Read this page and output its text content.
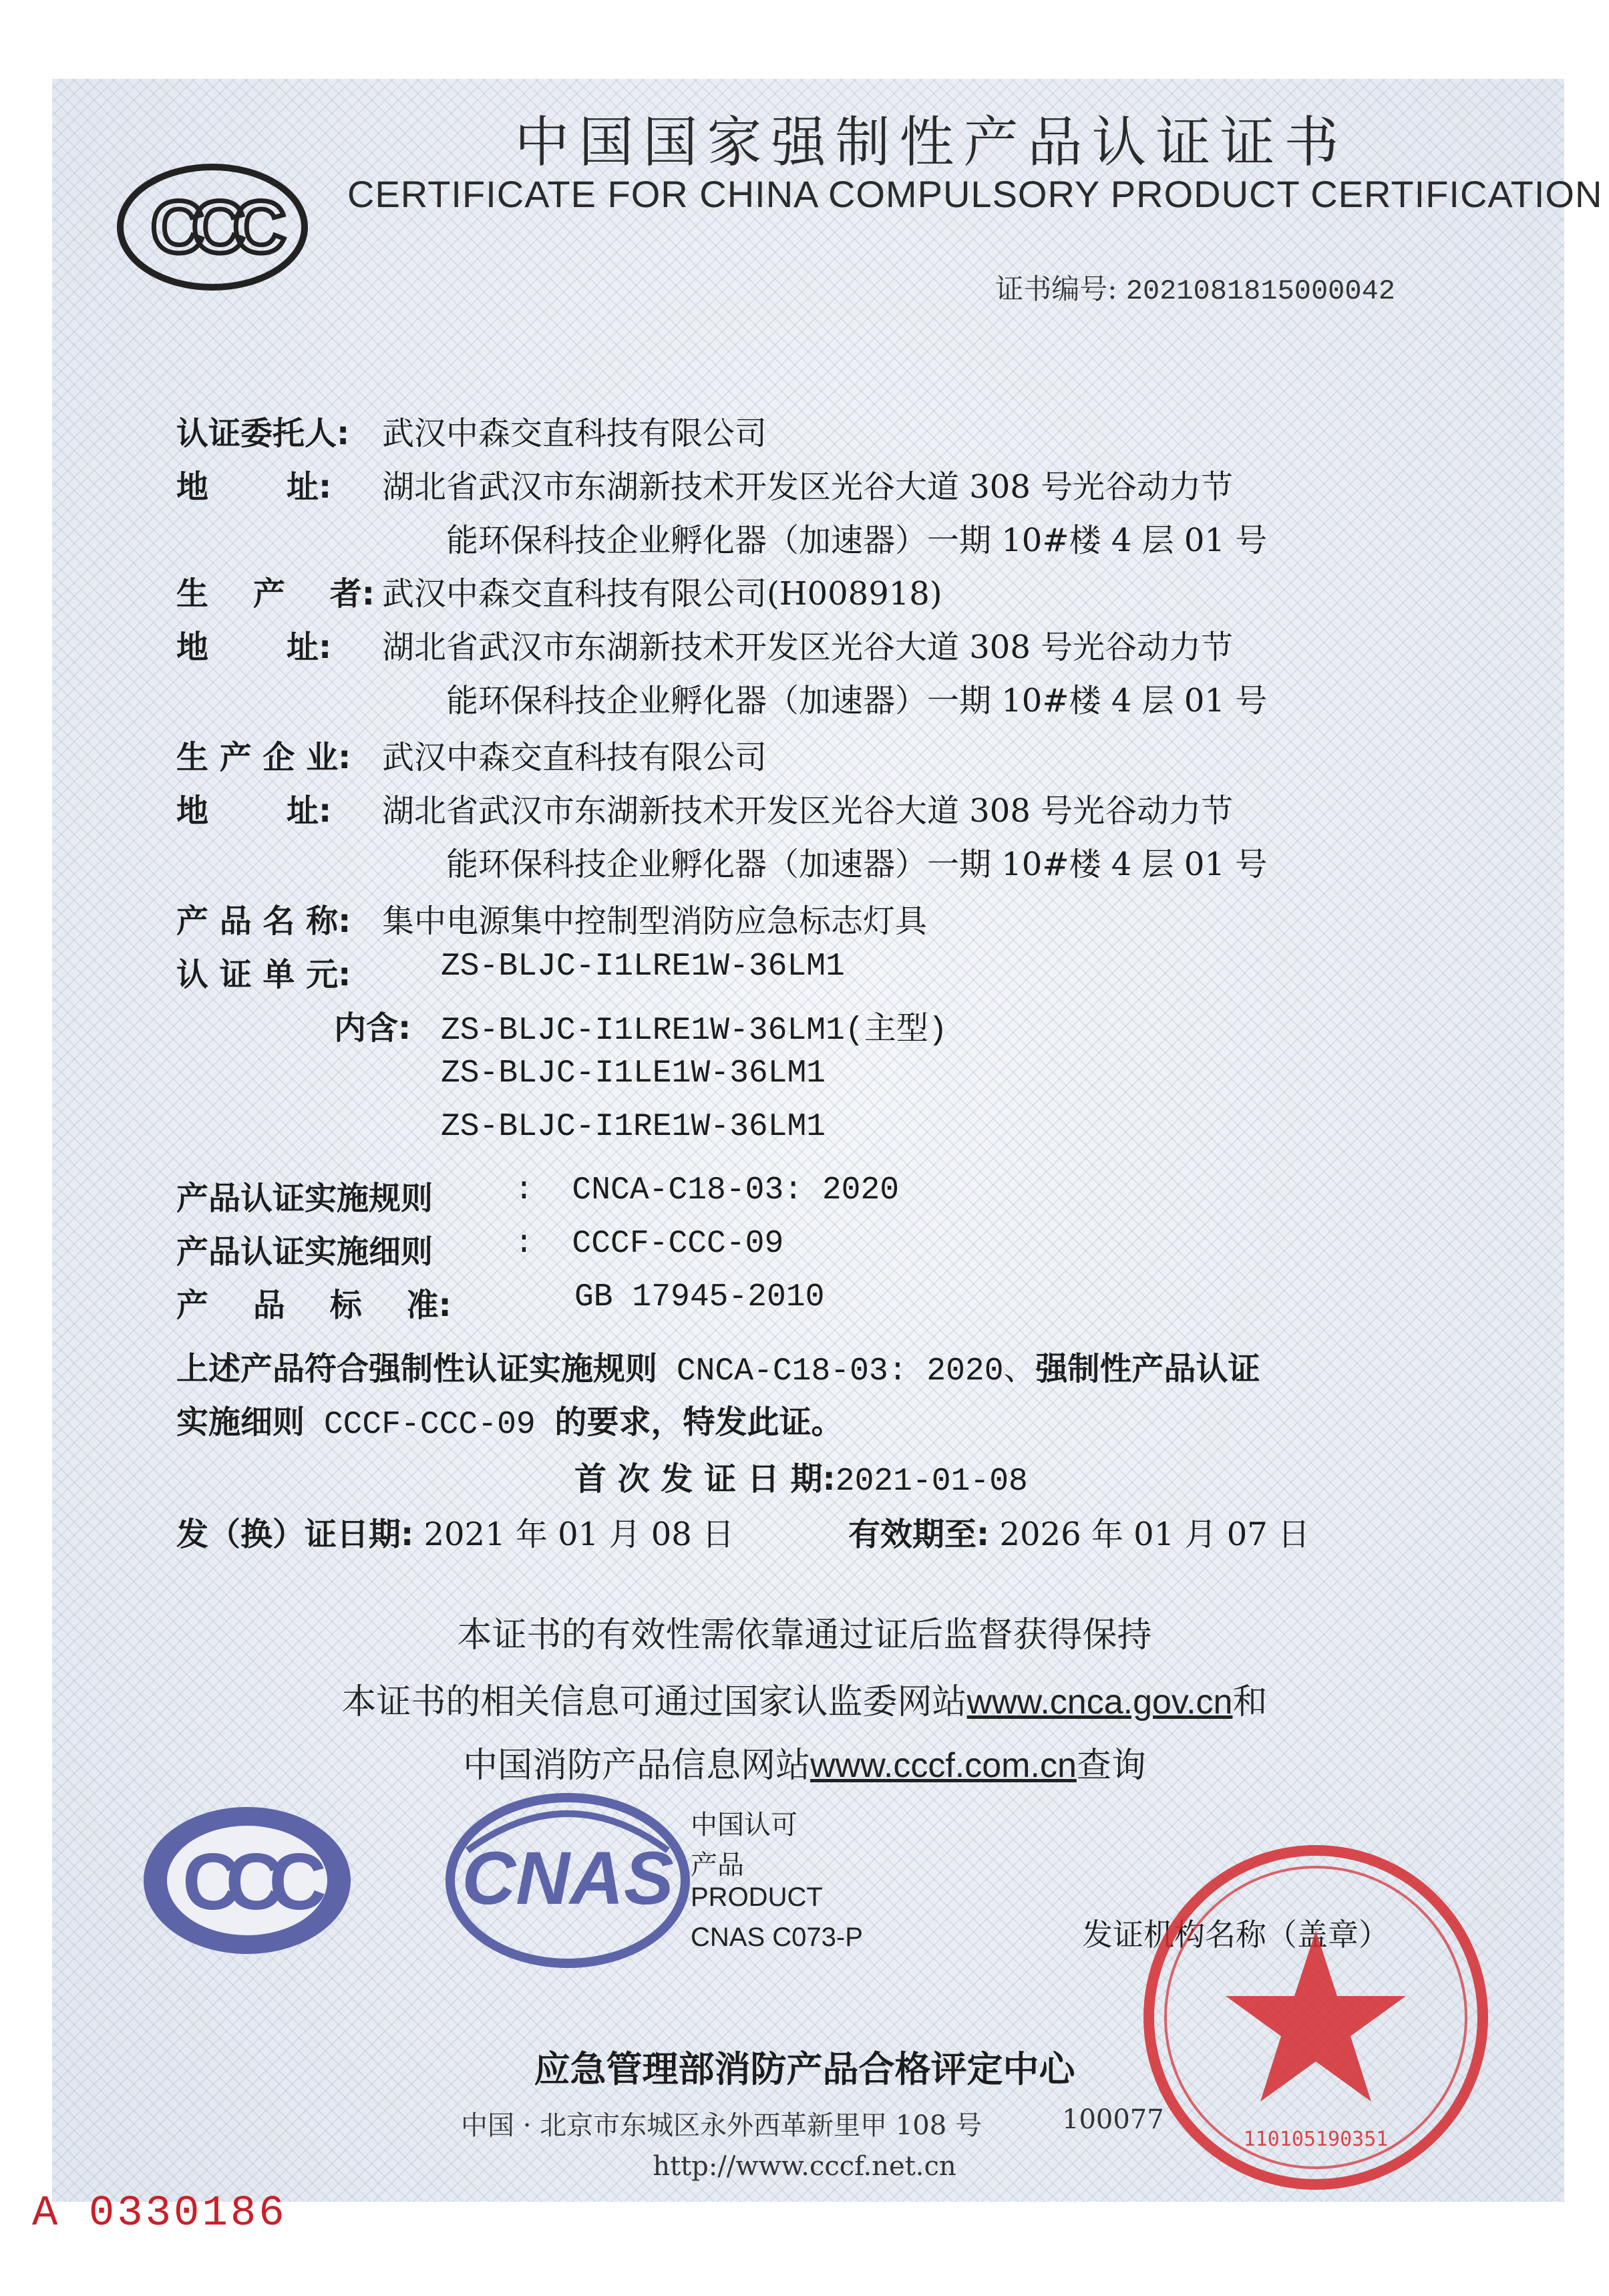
CCC
中国国家强制性产品认证证书
CERTIFICATE FOR CHINA COMPULSORY PRODUCT CERTIFICATION
证书编号: 2021081815000042
认证委托人: 武汉中森交直科技有限公司
地       址: 湖北省武汉市东湖新技术开发区光谷大道 308 号光谷动力节
能环保科技企业孵化器（加速器）一期 10#楼 4 层 01 号
生    产    者: 武汉中森交直科技有限公司(H008918)
地       址: 湖北省武汉市东湖新技术开发区光谷大道 308 号光谷动力节
能环保科技企业孵化器（加速器）一期 10#楼 4 层 01 号
生 产 企 业: 武汉中森交直科技有限公司
地       址: 湖北省武汉市东湖新技术开发区光谷大道 308 号光谷动力节
能环保科技企业孵化器（加速器）一期 10#楼 4 层 01 号
产 品 名 称: 集中电源集中控制型消防应急标志灯具
认 证 单 元:	ZS-BLJC-I1LRE1W-36LM1
内含: ZS-BLJC-I1LRE1W-36LM1(主型)
ZS-BLJC-I1LE1W-36LM1
ZS-BLJC-I1RE1W-36LM1
产品认证实施规则	:  CNCA-C18-03: 2020
产品认证实施细则	:  CCCF-CCC-09
产    品    标    准:	GB 17945-2010
上述产品符合强制性认证实施规则 CNCA-C18-03: 2020、强制性产品认证
实施细则 CCCF-CCC-09 的要求，特发此证。
首 次 发 证 日 期:2021-01-08
发（换）证日期: 2021 年 01 月 08 日	有效期至: 2026 年 01 月 07 日
本证书的有效性需依靠通过证后监督获得保持
本证书的相关信息可通过国家认监委网站www.cnca.gov.cn和
中国消防产品信息网站www.cccf.com.cn查询
CCC CNAS
中国认可
产品
PRODUCT
CNAS C073-P	发证机构名称（盖章）
110105190351
应急管理部消防产品合格评定中心
中国 · 北京市东城区永外西革新里甲 108 号	100077
http://www.cccf.net.cn
A 0330186
